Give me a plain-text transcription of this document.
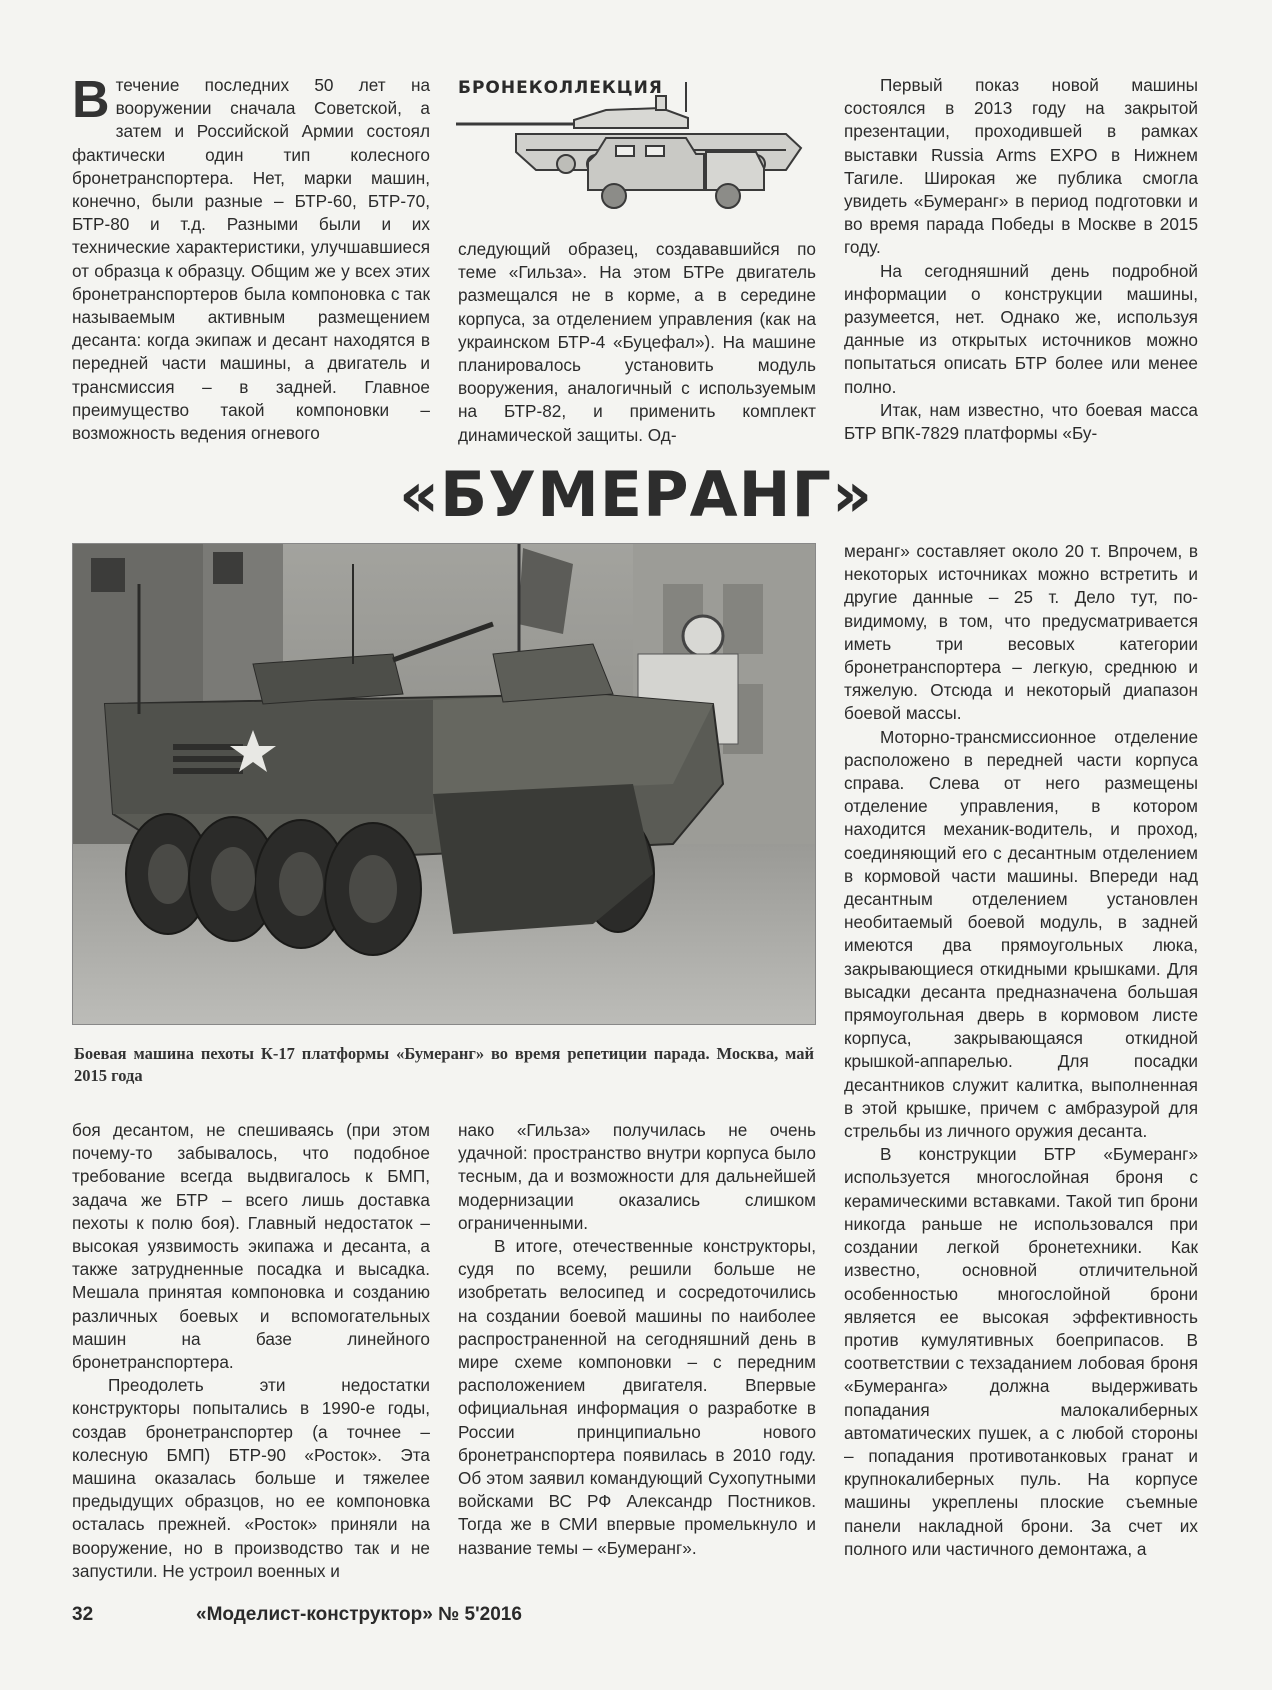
Втечение последних 50 лет на вооружении сначала Советской, а затем и Российской Армии состоял фактически один тип колесного бронетранспортера. Нет, марки машин, конечно, были разные – БТР-60, БТР-70, БТР-80 и т.д. Разными были и их технические характеристики, улучшавшиеся от образца к образцу. Общим же у всех этих бронетранспортеров была компоновка с так называемым активным размещением десанта: когда экипаж и десант находятся в передней части машины, а двигатель и трансмиссия – в задней. Главное преимущество такой компоновки – возможность ведения огневого

БРОНЕКОЛЛЕКЦИЯ

следующий образец, создававшийся по теме «Гильза». На этом БТРе двигатель размещался не в корме, а в середине корпуса, за отделением управления (как на украинском БТР-4 «Буцефал»). На машине планировалось установить модуль вооружения, аналогичный с используемым на БТР-82, и применить комплект динамической защиты. Од-

Первый показ новой машины состоялся в 2013 году на закрытой презентации, проходившей в рамках выставки Russia Arms EXPO в Нижнем Тагиле. Широкая же публика смогла увидеть «Бумеранг» в период подготовки и во время парада Победы в Москве в 2015 году.

На сегодняшний день подробной информации о конструкции машины, разумеется, нет. Однако же, используя данные из открытых источников можно попытаться описать БТР более или менее полно.

Итак, нам известно, что боевая масса БТР ВПК-7829 платформы «Бу-

«БУМЕРАНГ»
Боевая машина пехоты К-17 платформы «Бумеранг» во время репетиции парада. Москва, май 2015 года

меранг» составляет около 20 т. Впрочем, в некоторых источниках можно встретить и другие данные – 25 т. Дело тут, по-видимому, в том, что предусматривается иметь три весовых категории бронетранспортера – легкую, среднюю и тяжелую. Отсюда и некоторый диапазон боевой массы.

Моторно-трансмиссионное отделение расположено в передней части корпуса справа. Слева от него размещены отделение управления, в котором находится механик-водитель, и проход, соединяющий его с десантным отделением в кормовой части машины. Впереди над десантным отделением установлен необитаемый боевой модуль, в задней имеются два прямоугольных люка, закрывающиеся откидными крышками. Для высадки десанта предназначена большая прямоугольная дверь в кормовом листе корпуса, закрывающаяся откидной крышкой-аппарелью. Для посадки десантников служит калитка, выполненная в этой крышке, причем с амбразурой для стрельбы из личного оружия десанта.

В конструкции БТР «Бумеранг» используется многослойная броня с керамическими вставками. Такой тип брони никогда раньше не использовался при создании легкой бронетехники. Как известно, основной отличительной особенностью многослойной брони является ее высокая эффективность против кумулятивных боеприпасов. В соответствии с техзаданием лобовая броня «Бумеранга» должна выдерживать попадания малокалиберных автоматических пушек, а с любой стороны – попадания противотанковых гранат и крупнокалиберных пуль. На корпусе машины укреплены плоские съемные панели накладной брони. За счет их полного или частичного демонтажа, а

боя десантом, не спешиваясь (при этом почему-то забывалось, что подобное требование всегда выдвигалось к БМП, задача же БТР – всего лишь доставка пехоты к полю боя). Главный недостаток – высокая уязвимость экипажа и десанта, а также затрудненные посадка и высадка. Мешала принятая компоновка и созданию различных боевых и вспомогательных машин на базе линейного бронетранспортера.

Преодолеть эти недостатки конструкторы попытались в 1990-е годы, создав бронетранспортер (а точнее – колесную БМП) БТР-90 «Росток». Эта машина оказалась больше и тяжелее предыдущих образцов, но ее компоновка осталась прежней. «Росток» приняли на вооружение, но в производство так и не запустили. Не устроил военных и

нако «Гильза» получилась не очень удачной: пространство внутри корпуса было тесным, да и возможности для дальнейшей модернизации оказались слишком ограниченными.

В итоге, отечественные конструкторы, судя по всему, решили больше не изобретать велосипед и сосредоточились на создании боевой машины по наиболее распространенной на сегодняшний день в мире схеме компоновки – с передним расположением двигателя. Впервые официальная информация о разработке в России принципиально нового бронетранспортера появилась в 2010 году. Об этом заявил командующий Сухопутными войсками ВС РФ Александр Постников. Тогда же в СМИ впервые промелькнуло и название темы – «Бумеранг».

32	«Моделист-конструктор» № 5'2016
